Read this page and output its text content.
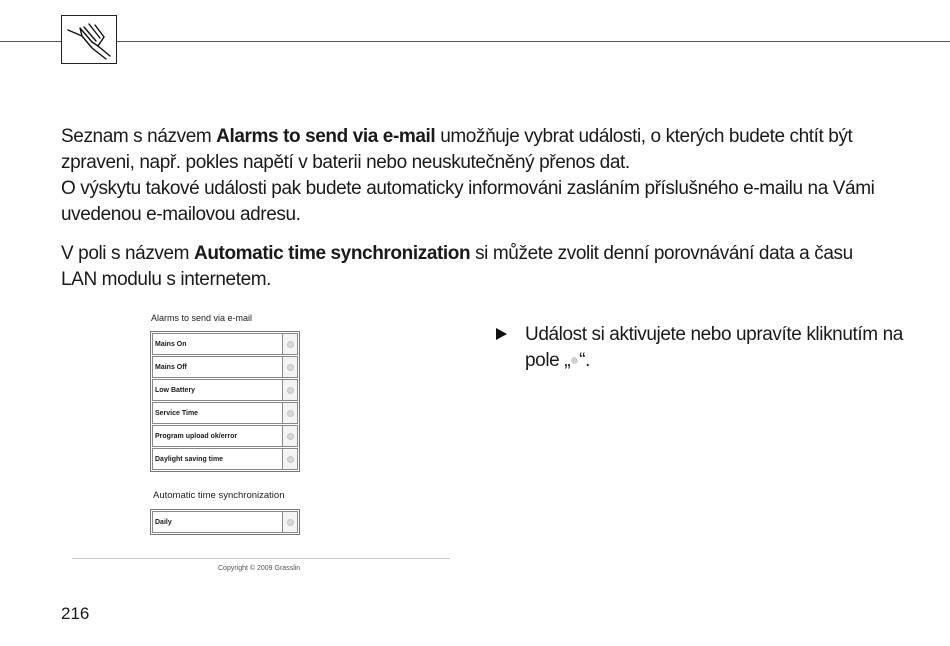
Seznam s názvem Alarms to send via e-mail umožňuje vybrat události, o kterých budete chtít být zpraveni, např. pokles napětí v baterii nebo neuskutečněný přenos dat.
O výskytu takové události pak budete automaticky informováni zasláním příslušného e-mailu na Vámi uvedenou e-mailovou adresu.

V poli s názvem Automatic time synchronization si můžete zvolit denní porovnávání data a času LAN modulu s internetem.

Alarms to send via e-mail
Mains On
Mains Off
Low Battery
Service Time
Program upload ok/error
Daylight saving time
Automatic time synchronization
Daily
Copyright © 2009 Grasslin
Událost si aktivujete nebo upravíte kliknutím na pole „ “.
216
